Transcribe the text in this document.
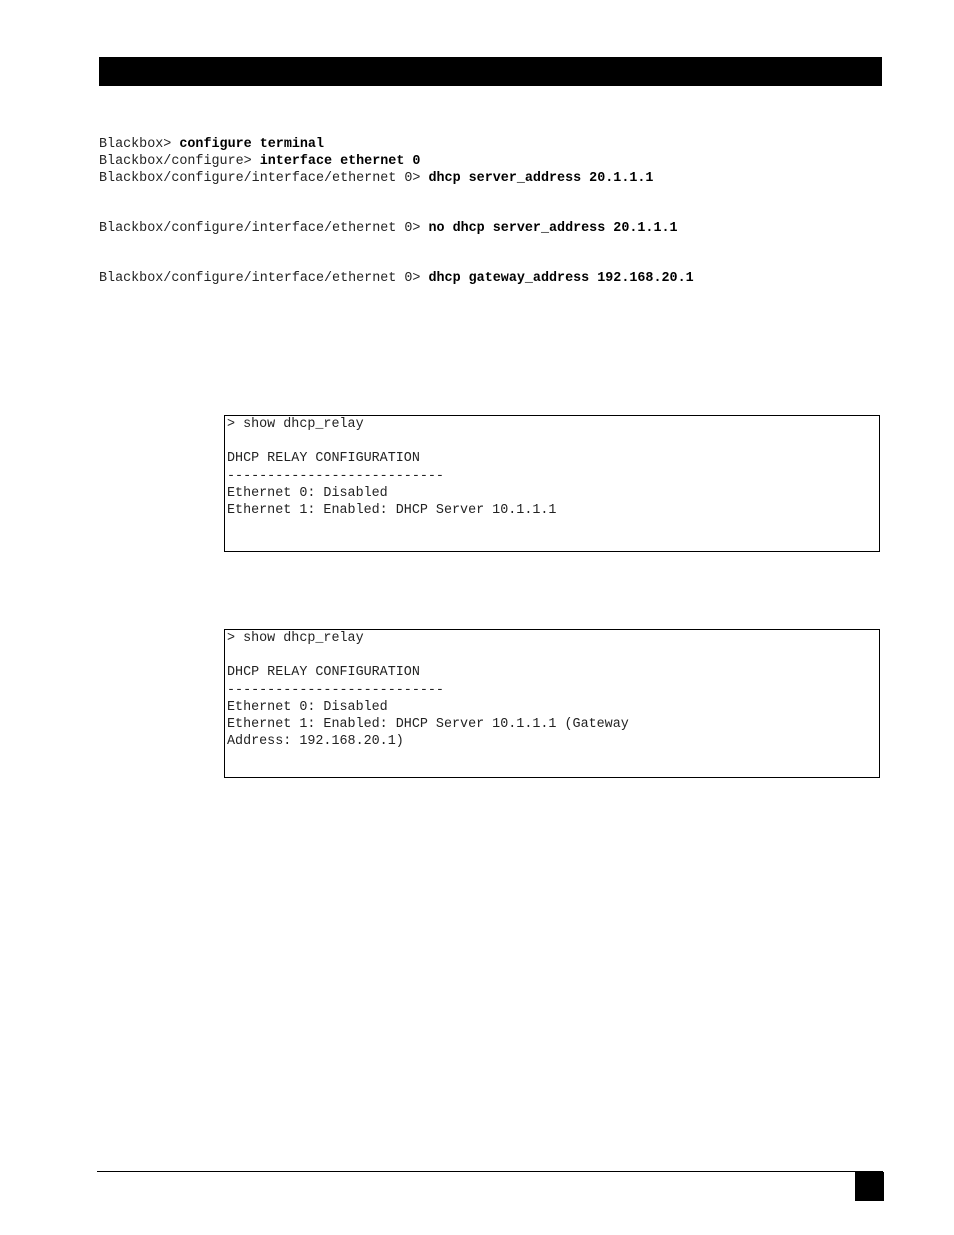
Blackbox> configure terminal
Blackbox/configure> interface ethernet 0
Blackbox/configure/interface/ethernet 0> dhcp server_address 20.1.1.1
Blackbox/configure/interface/ethernet 0> no dhcp server_address 20.1.1.1
Blackbox/configure/interface/ethernet 0> dhcp gateway_address 192.168.20.1
> show dhcp_relay
DHCP RELAY CONFIGURATION
---------------------------
Ethernet 0: Disabled
Ethernet 1: Enabled: DHCP Server 10.1.1.1
> show dhcp_relay
DHCP RELAY CONFIGURATION
---------------------------
Ethernet 0: Disabled
Ethernet 1: Enabled: DHCP Server 10.1.1.1 (Gateway
Address: 192.168.20.1)
